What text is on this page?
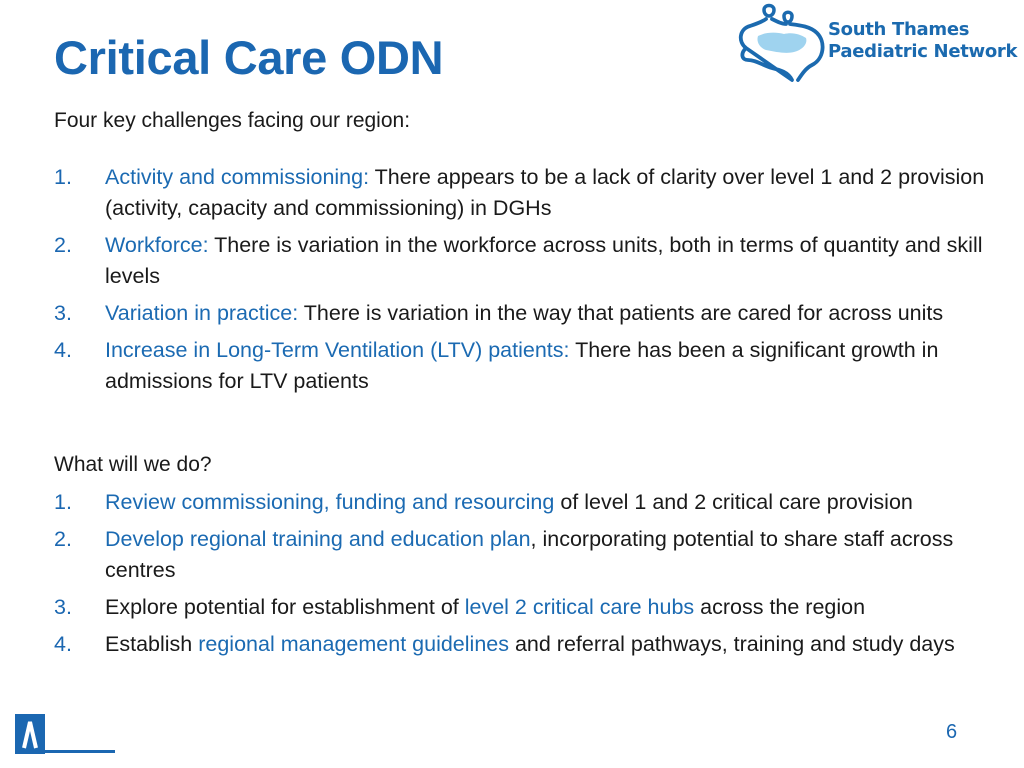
Critical Care ODN
South Thames
Paediatric Network

Four key challenges facing our region:

1. Activity and commissioning: There appears to be a lack of clarity over level 1 and 2 provision (activity, capacity and commissioning) in DGHs
2. Workforce: There is variation in the workforce across units, both in terms of quantity and skill levels
3. Variation in practice: There is variation in the way that patients are cared for across units
4. Increase in Long-Term Ventilation (LTV) patients: There has been a significant growth in admissions for LTV patients

What will we do?

1. Review commissioning, funding and resourcing of level 1 and 2 critical care provision
2. Develop regional training and education plan, incorporating potential to share staff across centres
3. Explore potential for establishment of level 2 critical care hubs across the region
4. Establish regional management guidelines and referral pathways, training and study days
6
